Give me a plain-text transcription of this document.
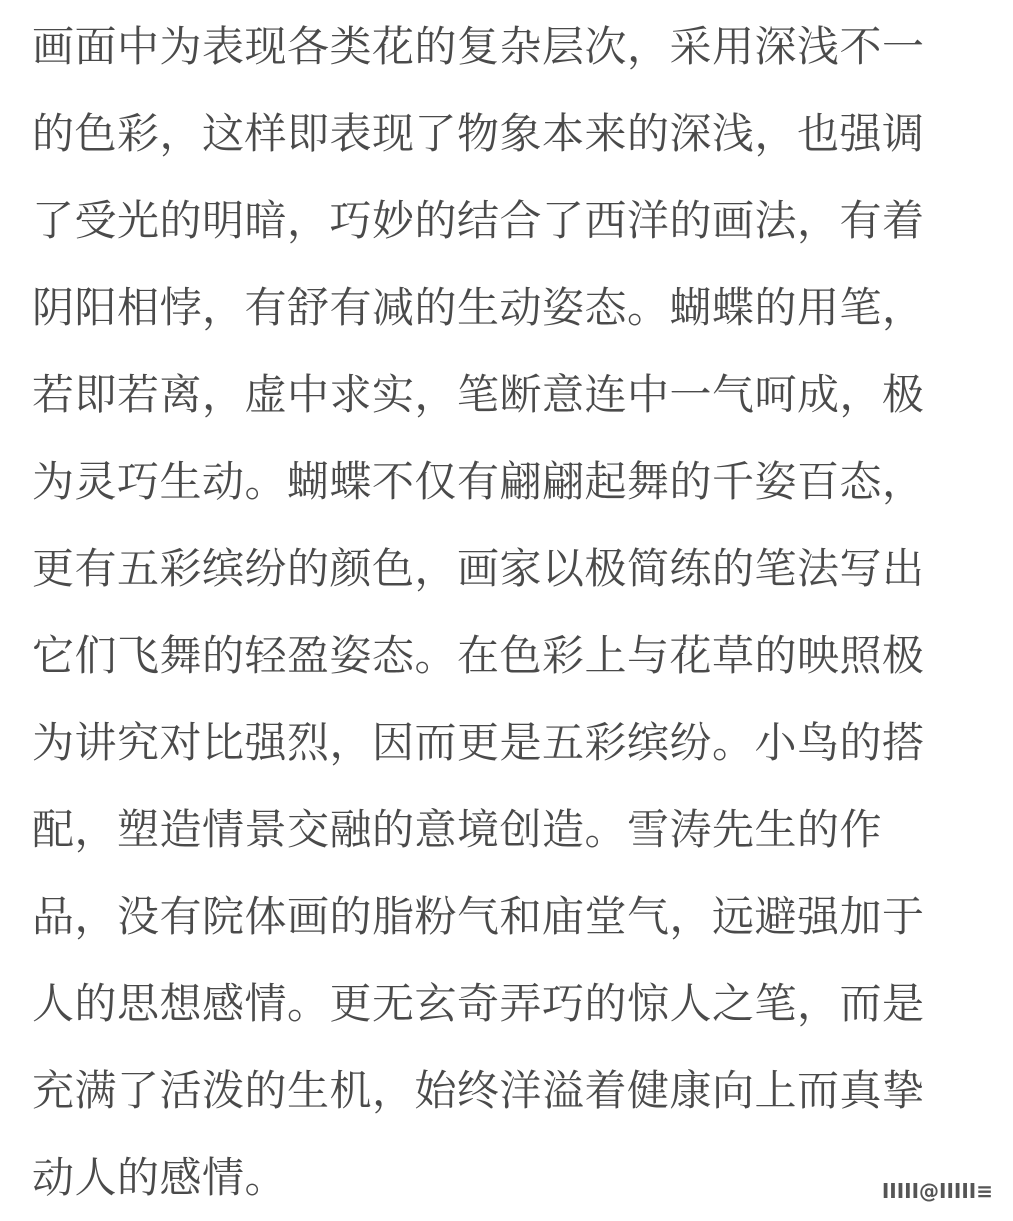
画面中为表现各类花的复杂层次，采用深浅不一
的色彩，这样即表现了物象本来的深浅，也强调
了受光的明暗，巧妙的结合了西洋的画法，有着
阴阳相悖，有舒有减的生动姿态。蝴蝶的用笔，
若即若离，虚中求实，笔断意连中一气呵成，极
为灵巧生动。蝴蝶不仅有翩翩起舞的千姿百态，
更有五彩缤纷的颜色，画家以极简练的笔法写出
它们飞舞的轻盈姿态。在色彩上与花草的映照极
为讲究对比强烈，因而更是五彩缤纷。小鸟的搭
配，塑造情景交融的意境创造。雪涛先生的作
品，没有院体画的脂粉气和庙堂气，远避强加于
人的思想感情。更无玄奇弄巧的惊人之笔，而是
充满了活泼的生机，始终洋溢着健康向上而真挚
动人的感情。	IIIII@IIIII≡
